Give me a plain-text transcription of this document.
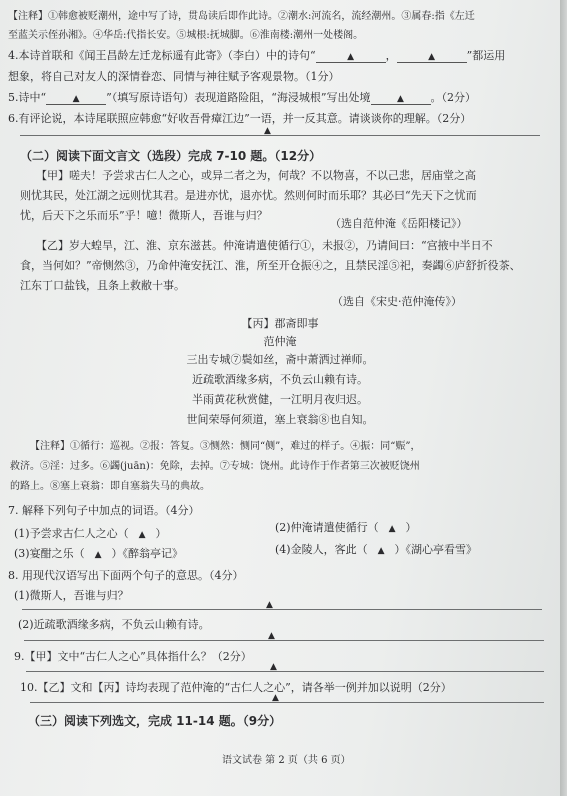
【注释】①韩愈被贬潮州，途中写了诗，贯岛读后即作此诗。②潮水:河流名，流经潮州。③属春:指《左迁
至蓝关示侄孙湘》。④华岳:代指长安。⑤城根:抚城脚。⑥淮南楼:潮州一处楼阁。
4.本诗首联和《闻王昌龄左迁龙标遥有此寄》（李白）中的诗句“	▲	，	▲	”都运用
想象，将自己对友人的深情眷恋、同情与神往赋予客观景物。（1分）
5.诗中“	▲ ”（填写原诗语句）表现道路险阻，“海浸城根”写出处境	▲ 。（2分）
6.有评论说，本诗尾联照应韩愈“好收吾骨瘴江边”一语，并一反其意。请谈谈你的理解。（2分）
▲
（二）阅读下面文言文（选段）完成 7-10 题。（12分）
【甲】嗟夫！予尝求古仁人之心，或异二者之为，何哉？不以物喜，不以己悲，居庙堂之高
则忧其民，处江湖之远则忧其君。是进亦忧，退亦忧。然则何时而乐耶？其必曰“先天下之忧而
忧，后天下之乐而乐”乎！噫！微斯人，吾谁与归？
（选自范仲淹《岳阳楼记》）
【乙】岁大蝗旱，江、淮、京东滋甚。仲淹请遣使循行①，未报②，乃请间曰：“宫掖中半日不
食，当何如？”帝恻然③，乃命仲淹安抚江、淮，所至开仓振④之，且禁民淫⑤祀，奏蠲⑥庐舒折役茶、
江东丁口盐钱，且条上救敝十事。
（选自《宋史·范仲淹传》）
【丙】郡斋即事
范仲淹
三出专城⑦鬓如丝，斋中萧洒过禅师。
近疏歌酒缘多病，不负云山赖有诗。
半雨黄花秋赏健，一江明月夜归迟。
世间荣辱何须道，塞上衰翁⑧也自知。
【注释】①循行：巡视。②报：答复。③恻然：恻同“侧”，难过的样子。④振：同“赈”，
救济。⑤淫：过多。⑥蠲(juān)：免除，去掉。⑦专城：饶州。此诗作于作者第三次被贬饶州
的路上。⑧塞上衰翁：即自塞翁失马的典故。
7. 解释下列句子中加点的词语。（4分）
(1)予尝求古仁人之心（ ▲ ）	(2)仲淹请遣使循行（ ▲ ）
(3)宴酣之乐（ ▲ ）《醉翁亭记》	(4)金陵人，客此（ ▲ ）《湖心亭看雪》
8. 用现代汉语写出下面两个句子的意思。（4分）
(1)微斯人，吾谁与归？
▲
(2)近疏歌酒缘多病，不负云山赖有诗。
▲
9.【甲】文中“古仁人之心”具体指什么？（2分）
▲
10.【乙】文和【丙】诗均表现了范仲淹的“古仁人之心”，请各举一例并加以说明（2分）
▲
（三）阅读下列选文，完成 11-14 题。（9分）
语文试卷 第 2 页（共 6 页）
